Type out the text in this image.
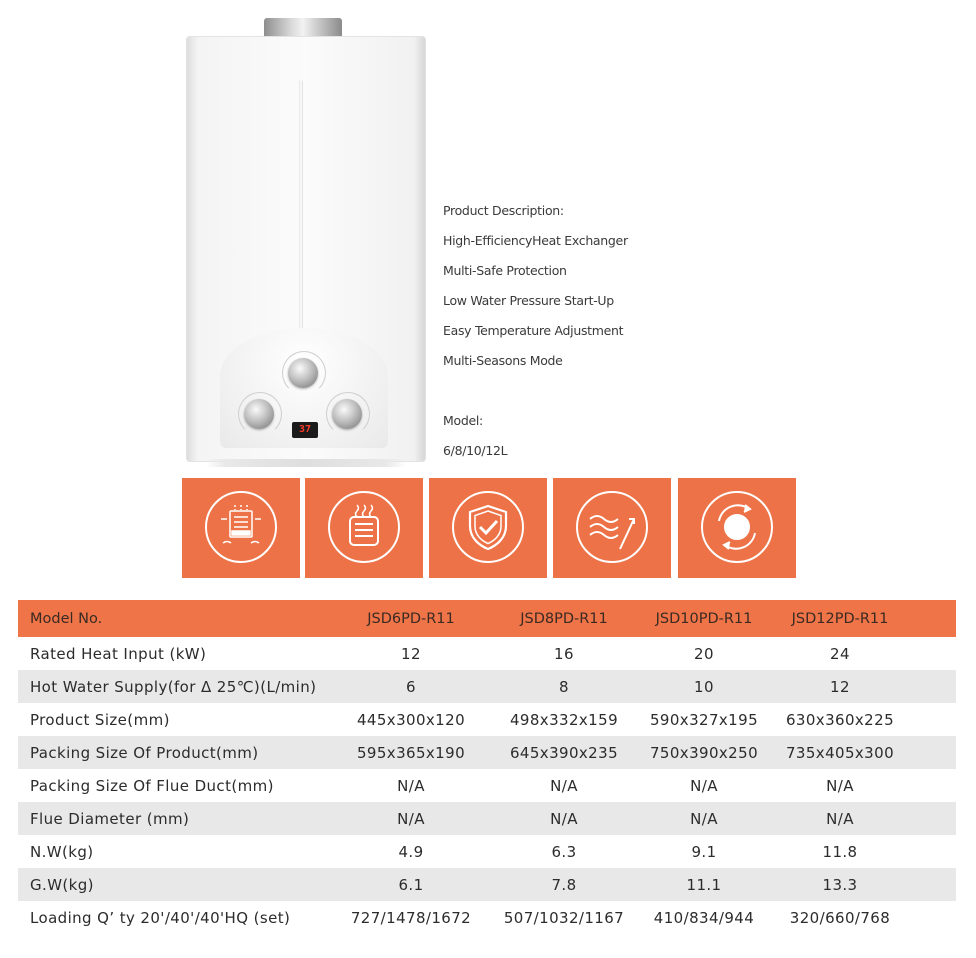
37
Product Description:
High-EfficiencyHeat Exchanger
Multi-Safe Protection
Low Water Pressure Start-Up
Easy Temperature Adjustment
Multi-Seasons Mode
Model:
6/8/10/12L
Model No.	JSD6PD-R11	JSD8PD-R11	JSD10PD-R11	JSD12PD-R11
Rated Heat Input (kW)	12	16	20	24
Hot Water Supply(for Δ 25℃)(L/min)	6	8	10	12
Product Size(mm)	445x300x120	498x332x159	590x327x195	630x360x225
Packing Size Of Product(mm)	595x365x190	645x390x235	750x390x250	735x405x300
Packing Size Of Flue Duct(mm)	N/A	N/A	N/A	N/A
Flue Diameter (mm)	N/A	N/A	N/A	N/A
N.W(kg)	4.9	6.3	9.1	11.8
G.W(kg)	6.1	7.8	11.1	13.3
Loading Q’ ty 20'/40'/40'HQ (set)	727/1478/1672	507/1032/1167	410/834/944	320/660/768
